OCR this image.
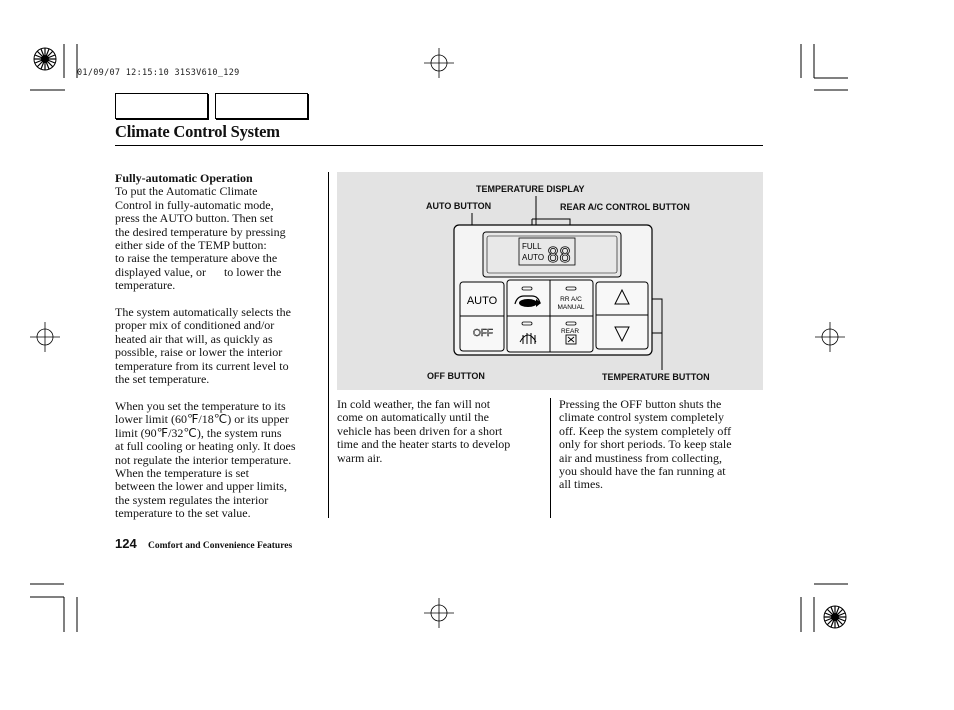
01/09/07 12:15:10 31S3V610_129
Climate Control System
Fully-automatic Operation
To put the Automatic Climate
Control in fully-automatic mode,
press the AUTO button. Then set
the desired temperature by pressing
either side of the TEMP button:
to raise the temperature above the
displayed value, or      to lower the
temperature.
The system automatically selects the
proper mix of conditioned and/or
heated air that will, as quickly as
possible, raise or lower the interior
temperature from its current level to
the set temperature.
When you set the temperature to its
lower limit (60℉/18℃) or its upper
limit (90℉/32℃), the system runs
at full cooling or heating only. It does
not regulate the interior temperature.
When the temperature is set
between the lower and upper limits,
the system regulates the interior
temperature to the set value.
TEMPERATURE DISPLAY
AUTO BUTTON	REAR A/C CONTROL BUTTON
OFF BUTTON	TEMPERATURE BUTTON
FULL
AUTO 88
AUTO
OFF
RR A/C
MANUAL
REAR
In cold weather, the fan will not
come on automatically until the
vehicle has been driven for a short
time and the heater starts to develop
warm air.
Pressing the OFF button shuts the
climate control system completely
off. Keep the system completely off
only for short periods. To keep stale
air and mustiness from collecting,
you should have the fan running at
all times.
124 Comfort and Convenience Features
